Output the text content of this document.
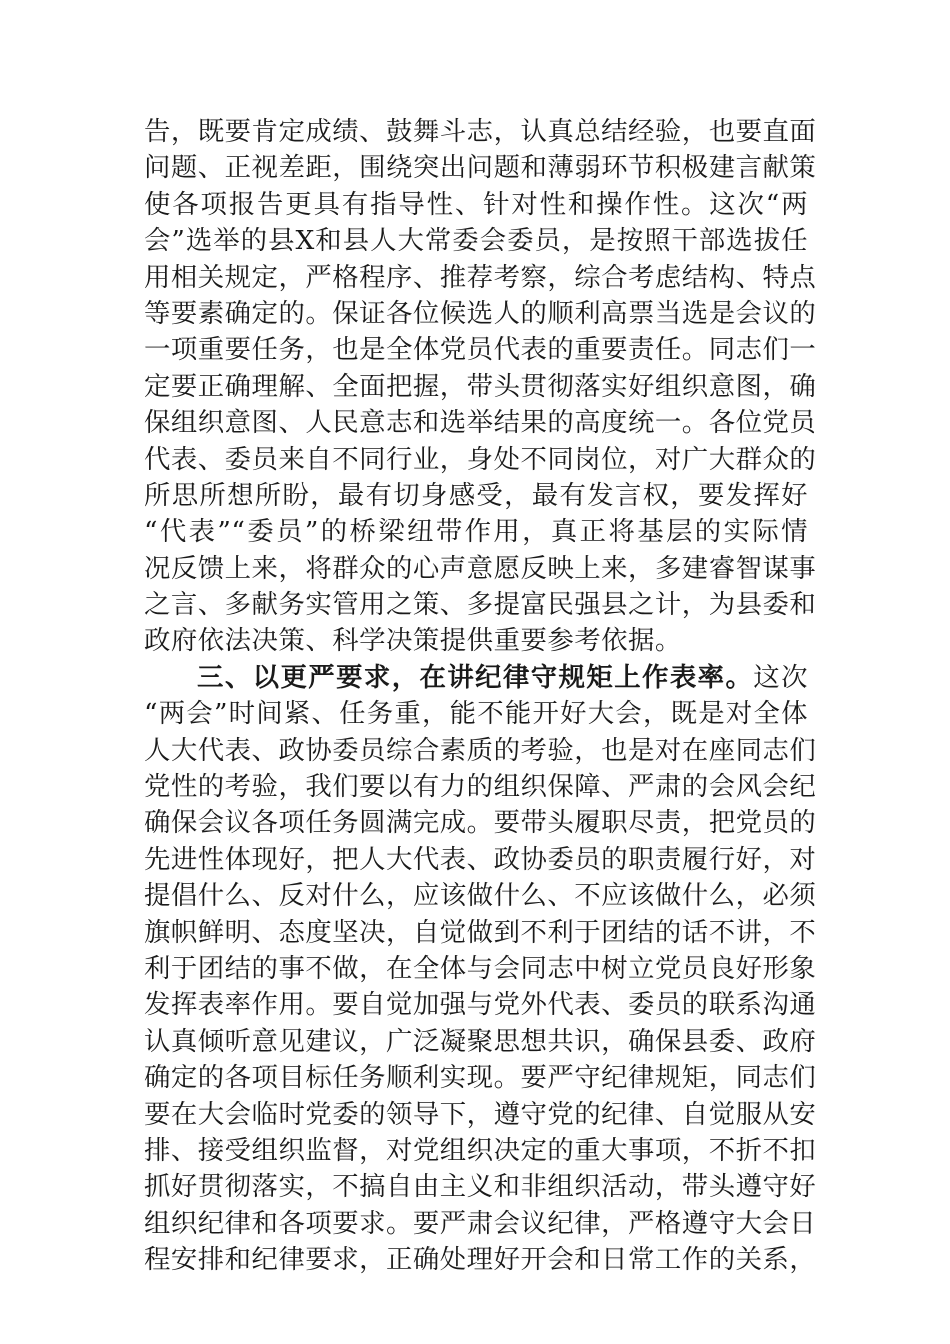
告，既要肯定成绩、鼓舞斗志，认真总结经验，也要直面
问题、正视差距，围绕突出问题和薄弱环节积极建言献策
使各项报告更具有指导性、针对性和操作性。这次“两
会”选举的县X和县人大常委会委员，是按照干部选拔任
用相关规定，严格程序、推荐考察，综合考虑结构、特点
等要素确定的。保证各位候选人的顺利高票当选是会议的
一项重要任务，也是全体党员代表的重要责任。同志们一
定要正确理解、全面把握，带头贯彻落实好组织意图，确
保组织意图、人民意志和选举结果的高度统一。各位党员
代表、委员来自不同行业，身处不同岗位，对广大群众的
所思所想所盼，最有切身感受，最有发言权，要发挥好
“代表”“委员”的桥梁纽带作用，真正将基层的实际情
况反馈上来，将群众的心声意愿反映上来，多建睿智谋事
之言、多献务实管用之策、多提富民强县之计，为县委和
政府依法决策、科学决策提供重要参考依据。
三、以更严要求，在讲纪律守规矩上作表率。这次
“两会”时间紧、任务重，能不能开好大会，既是对全体
人大代表、政协委员综合素质的考验，也是对在座同志们
党性的考验，我们要以有力的组织保障、严肃的会风会纪
确保会议各项任务圆满完成。要带头履职尽责，把党员的
先进性体现好，把人大代表、政协委员的职责履行好，对
提倡什么、反对什么，应该做什么、不应该做什么，必须
旗帜鲜明、态度坚决，自觉做到不利于团结的话不讲，不
利于团结的事不做，在全体与会同志中树立党员良好形象
发挥表率作用。要自觉加强与党外代表、委员的联系沟通
认真倾听意见建议，广泛凝聚思想共识，确保县委、政府
确定的各项目标任务顺利实现。要严守纪律规矩，同志们
要在大会临时党委的领导下，遵守党的纪律、自觉服从安
排、接受组织监督，对党组织决定的重大事项，不折不扣
抓好贯彻落实，不搞自由主义和非组织活动，带头遵守好
组织纪律和各项要求。要严肃会议纪律，严格遵守大会日
程安排和纪律要求，正确处理好开会和日常工作的关系，
